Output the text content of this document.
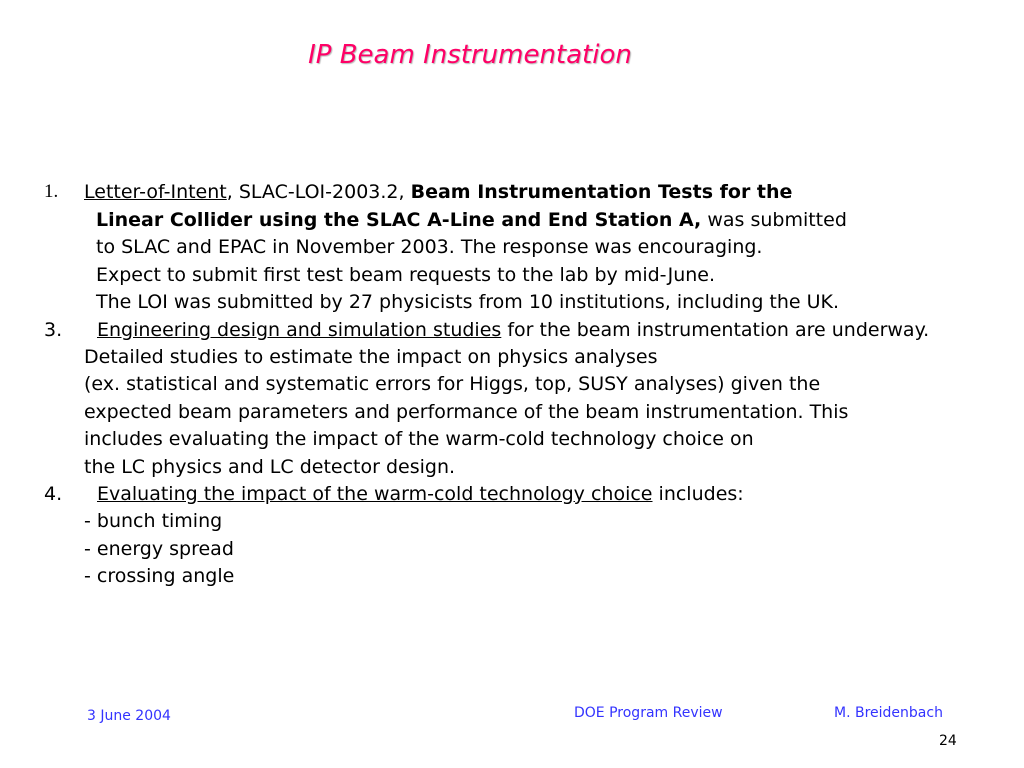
IP Beam Instrumentation
1. Letter-of-Intent, SLAC-LOI-2003.2, Beam Instrumentation Tests for the
Linear Collider using the SLAC A-Line and End Station A, was submitted
to SLAC and EPAC in November 2003. The response was encouraging.
Expect to submit first test beam requests to the lab by mid-June.
The LOI was submitted by 27 physicists from 10 institutions, including the UK.
3. Engineering design and simulation studies for the beam instrumentation are underway.
Detailed studies to estimate the impact on physics analyses
(ex. statistical and systematic errors for Higgs, top, SUSY analyses) given the
expected beam parameters and performance of the beam instrumentation. This
includes evaluating the impact of the warm-cold technology choice on
the LC physics and LC detector design.
4. Evaluating the impact of the warm-cold technology choice includes:
- bunch timing
- energy spread
- crossing angle
3 June 2004	DOE Program Review	M. Breidenbach
24
